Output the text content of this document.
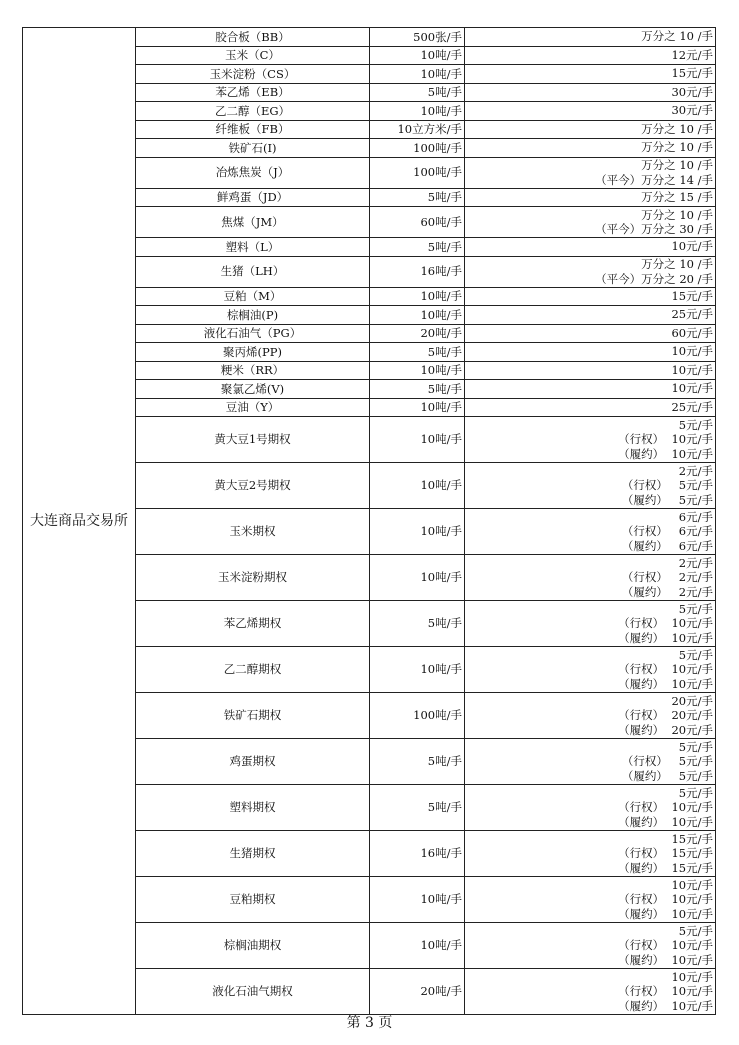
大连商品交易所	胶合板（BB）	500张/手	万分之 10 /手

	玉米（C）	10吨/手	12元/手

	玉米淀粉（CS）	10吨/手	15元/手

	苯乙烯（EB）	5吨/手	30元/手

	乙二醇（EG）	10吨/手	30元/手

	纤维板（FB）	10立方米/手	万分之 10 /手

	铁矿石(I)	100吨/手	万分之 10 /手

	冶炼焦炭（J）	100吨/手	万分之 10 /手
（平今）万分之 14 /手

	鲜鸡蛋（JD）	5吨/手	万分之 15 /手

	焦煤（JM）	60吨/手	万分之 10 /手
（平今）万分之 30 /手

	塑料（L）	5吨/手	10元/手

	生猪（LH）	16吨/手	万分之 10 /手
（平今）万分之 20 /手

	豆粕（M）	10吨/手	15元/手

	棕榈油(P)	10吨/手	25元/手

	液化石油气（PG）	20吨/手	60元/手

	聚丙烯(PP)	5吨/手	10元/手

	粳米（RR）	10吨/手	10元/手

	聚氯乙烯(V)	5吨/手	10元/手

	豆油（Y）	10吨/手	25元/手

	黄大豆1号期权	10吨/手	5元/手
（行权）  10元/手
（履约）  10元/手

	黄大豆2号期权	10吨/手	2元/手
（行权）   5元/手
（履约）   5元/手

	玉米期权	10吨/手	6元/手
（行权）   6元/手
（履约）   6元/手

	玉米淀粉期权	10吨/手	2元/手
（行权）   2元/手
（履约）   2元/手

	苯乙烯期权	5吨/手	5元/手
（行权）  10元/手
（履约）  10元/手

	乙二醇期权	10吨/手	5元/手
（行权）  10元/手
（履约）  10元/手

	铁矿石期权	100吨/手	20元/手
（行权）  20元/手
（履约）  20元/手

	鸡蛋期权	5吨/手	5元/手
（行权）   5元/手
（履约）   5元/手

	塑料期权	5吨/手	5元/手
（行权）  10元/手
（履约）  10元/手

	生猪期权	16吨/手	15元/手
（行权）  15元/手
（履约）  15元/手

	豆粕期权	10吨/手	10元/手
（行权）  10元/手
（履约）  10元/手

	棕榈油期权	10吨/手	5元/手
（行权）  10元/手
（履约）  10元/手

	液化石油气期权	20吨/手	10元/手
（行权）  10元/手
（履约）  10元/手
第 3 页
